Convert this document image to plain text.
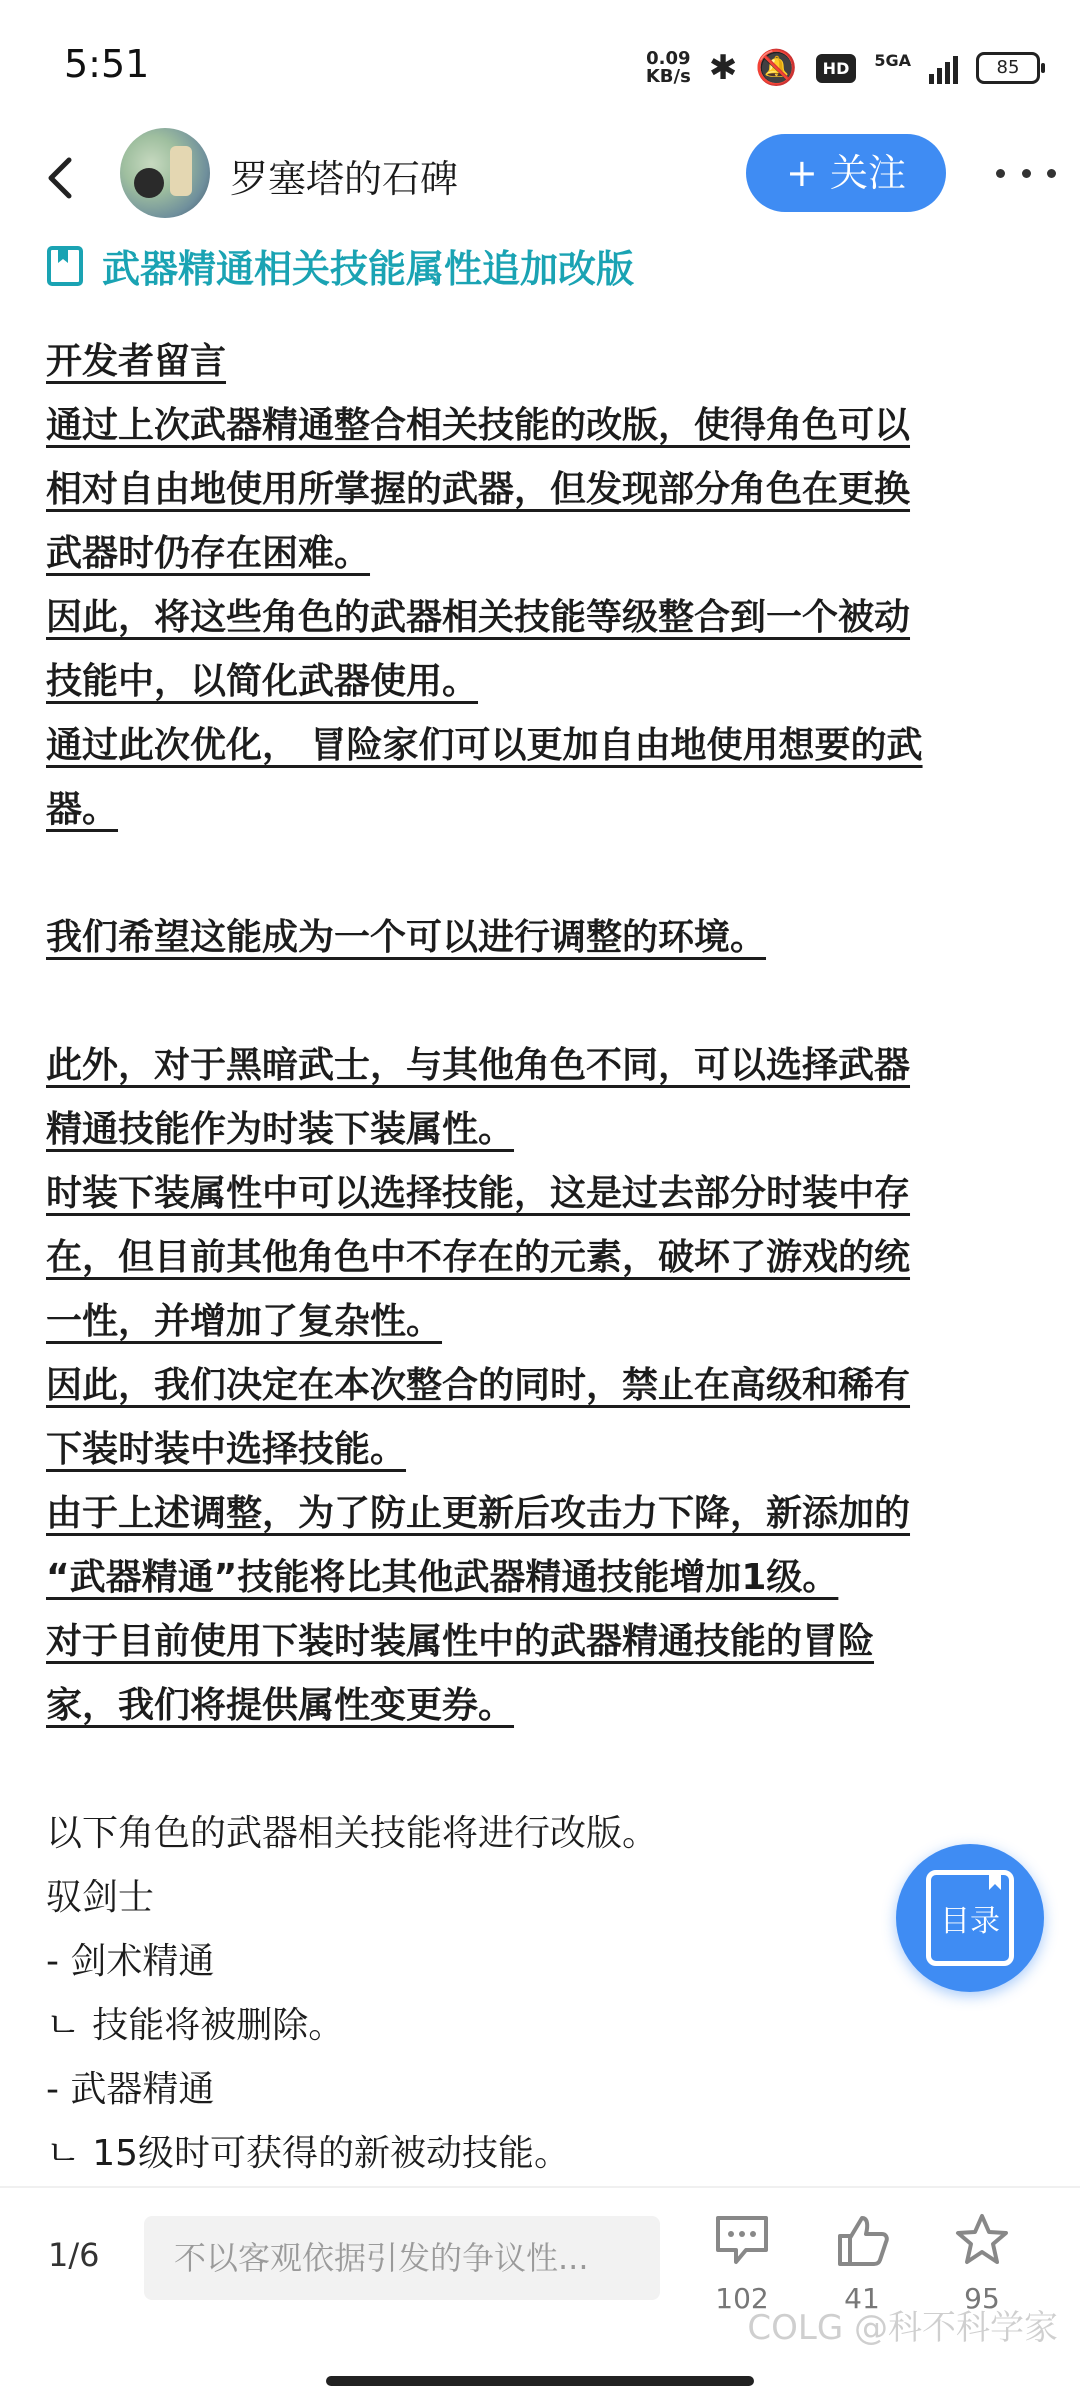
5:51	0.09
KB/s ✱ 🔕	HD	5GA	85
罗塞塔的石碑	+ 关注
武器精通相关技能属性追加改版
开发者留言
通过上次武器精通整合相关技能的改版，使得角色可以
相对自由地使用所掌握的武器，但发现部分角色在更换
武器时仍存在困难。
因此，将这些角色的武器相关技能等级整合到一个被动
技能中，以简化武器使用。
通过此次优化， 冒险家们可以更加自由地使用想要的武
器。
我们希望这能成为一个可以进行调整的环境。
此外，对于黑暗武士，与其他角色不同，可以选择武器
精通技能作为时装下装属性。
时装下装属性中可以选择技能，这是过去部分时装中存
在，但目前其他角色中不存在的元素，破坏了游戏的统
一性，并增加了复杂性。
因此，我们决定在本次整合的同时，禁止在高级和稀有
下装时装中选择技能。
由于上述调整，为了防止更新后攻击力下降，新添加的
“武器精通”技能将比其他武器精通技能增加1级。
对于目前使用下装时装属性中的武器精通技能的冒险
家，我们将提供属性变更券。
以下角色的武器相关技能将进行改版。
驭剑士
- 剑术精通
ㄴ 技能将被删除。
- 武器精通
ㄴ 15级时可获得的新被动技能。
目录
1/6	不以客观依据引发的争议性...
102	41	95
CO⁠LG @科不科学家
